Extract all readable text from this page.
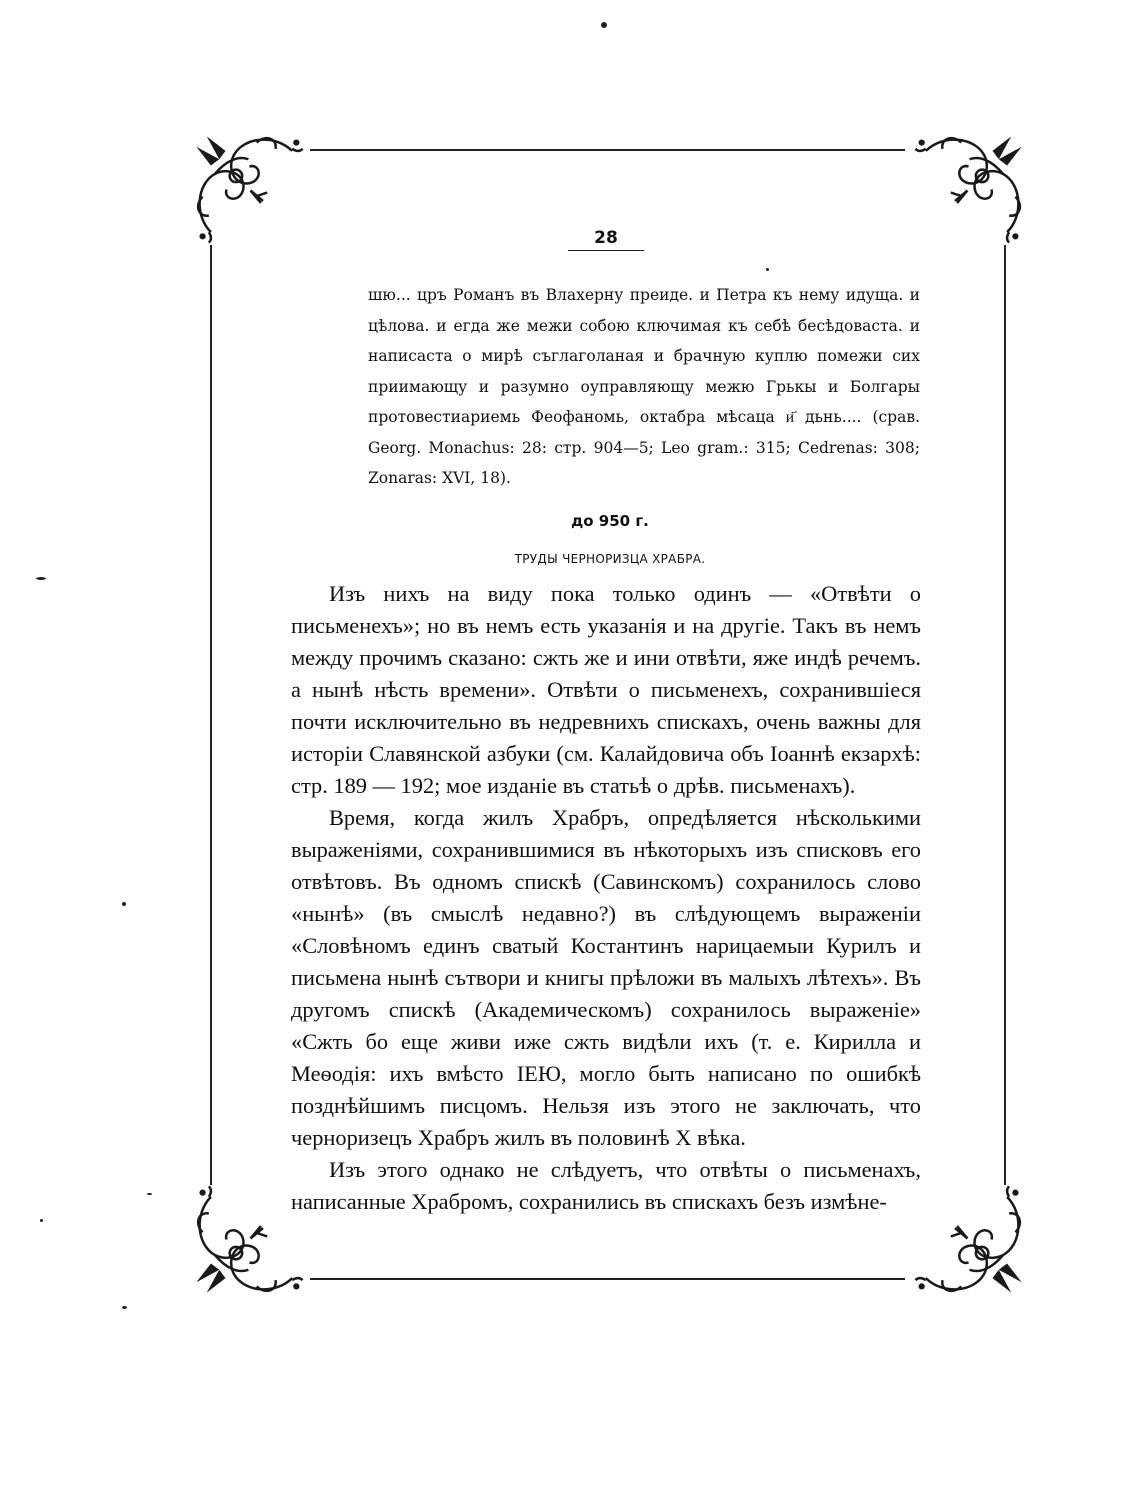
28
шю... цръ Романъ въ Влахерну преиде. и Петра къ нему идуща. и цѣлова. и егда же межи собою ключимая къ себѣ бесѣдоваста. и написаста о мирѣ съглаголаная и брачную куплю помежи сих приимающу и разумно оуправляющу межю Грькы и Болгары протовестиариемь Феофаномь, октабра мѣсаца и҃ дьнь.... (срав. Georg. Monachus: 28: стр. 904—5; Leo gram.: 315; Cedrenas: 308; Zonaras: XVI, 18).
до 950 г.
ТРУДЫ ЧЕРНОРИЗЦА ХРАБРА.

Изъ нихъ на виду пока только одинъ — «Отвѣти о письменехъ»; но въ немъ есть указанія и на другіе. Такъ въ немъ между прочимъ сказано: сжть же и ини отвѣти, яже индѣ речемъ. а нынѣ нѣсть времени». Отвѣти о письменехъ, сохранившіеся почти исключительно въ недревнихъ спискахъ, очень важны для исторіи Славянской азбуки (см. Калайдовича объ Іоаннѣ екзархѣ: стр. 189 — 192; мое изданіе въ статьѣ о дрѣв. письменахъ).

Время, когда жилъ Храбръ, опредѣляется нѣсколькими выраженіями, сохранившимися въ нѣкоторыхъ изъ списковъ его отвѣтовъ. Въ одномъ спискѣ (Савинскомъ) сохранилось слово «нынѣ» (въ смыслѣ недавно?) въ слѣдующемъ выраженіи «Словѣномъ единъ сватый Костантинъ нарицаемыи Курилъ и письмена нынѣ сътвори и книгы прѣложи въ малыхъ лѣтехъ». Въ другомъ спискѣ (Академическомъ) сохранилось выраженіе» «Сжть бо еще живи иже сжть видѣли ихъ (т. е. Кирилла и Меѳодія: ихъ вмѣсто ІЕЮ, могло быть написано по ошибкѣ позднѣйшимъ писцомъ. Нельзя изъ этого не заключать, что черноризецъ Храбръ жилъ въ половинѣ X вѣка.

Изъ этого однако не слѣдуетъ, что отвѣты о письменахъ, написанные Храбромъ, сохранились въ спискахъ безъ измѣне-
